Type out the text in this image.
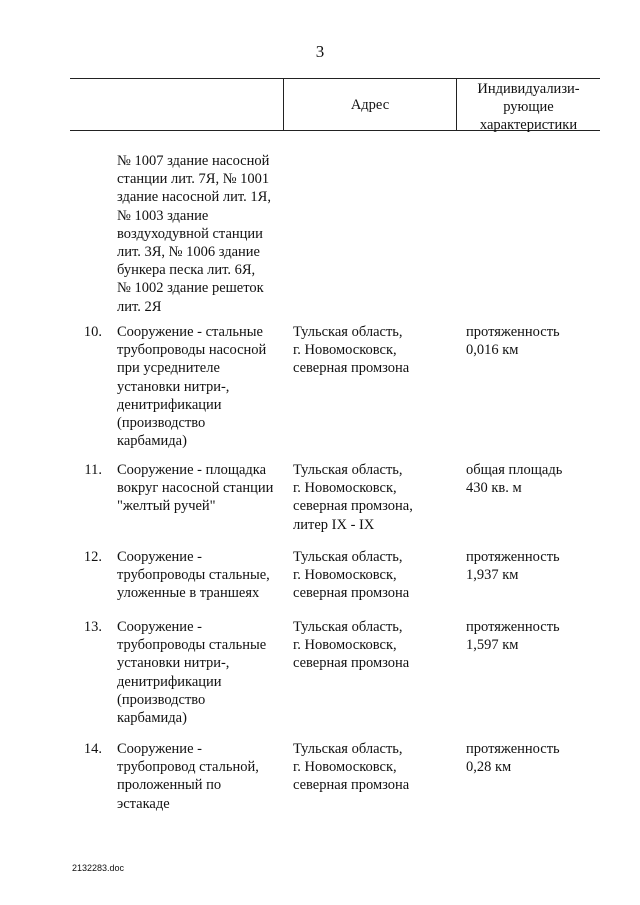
3
Адрес
Индивидуализи-
рующие
характеристики
№ 1007 здание насосной
станции лит. 7Я, № 1001
здание насосной лит. 1Я,
№ 1003 здание
воздуходувной станции
лит. 3Я, № 1006 здание
бункера песка лит. 6Я,
№ 1002 здание решеток
лит. 2Я
10. Сооружение - стальные
трубопроводы насосной
при усреднителе
установки нитри-,
денитрификации
(производство
карбамида)
Тульская область,
г. Новомосковск,
северная промзона
протяженность
0,016 км
11. Сооружение - площадка
вокруг насосной станции
"желтый ручей"
Тульская область,
г. Новомосковск,
северная промзона,
литер IX - IX
общая площадь
430 кв. м
12. Сооружение -
трубопроводы стальные,
уложенные в траншеях
Тульская область,
г. Новомосковск,
северная промзона
протяженность
1,937 км
13. Сооружение -
трубопроводы стальные
установки нитри-,
денитрификации
(производство
карбамида)
Тульская область,
г. Новомосковск,
северная промзона
протяженность
1,597 км
14. Сооружение -
трубопровод стальной,
проложенный по
эстакаде
Тульская область,
г. Новомосковск,
северная промзона
протяженность
0,28 км
2132283.doc
